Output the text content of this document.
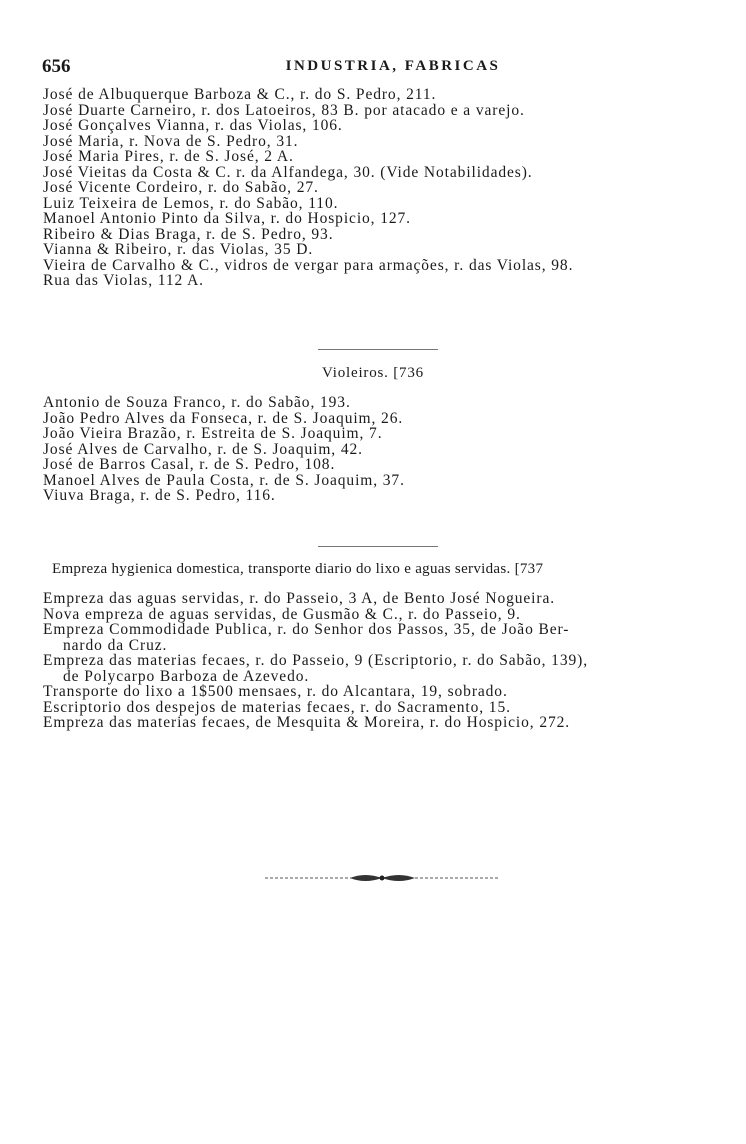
656	INDUSTRIA, FABRICAS
José de Albuquerque Barboza & C., r. do S. Pedro, 211.
José Duarte Carneiro, r. dos Latoeiros, 83 B. por atacado e a varejo.
José Gonçalves Vianna, r. das Violas, 106.
José Maria, r. Nova de S. Pedro, 31.
José Maria Pires, r. de S. José, 2 A.
José Vieitas da Costa & C. r. da Alfandega, 30. (Vide Notabilidades).
José Vicente Cordeiro, r. do Sabão, 27.
Luiz Teixeira de Lemos, r. do Sabão, 110.
Manoel Antonio Pinto da Silva, r. do Hospicio, 127.
Ribeiro & Dias Braga, r. de S. Pedro, 93.
Vianna & Ribeiro, r. das Violas, 35 D.
Vieira de Carvalho & C., vidros de vergar para armações, r. das Violas, 98.
Rua das Violas, 112 A.
Violeiros. [736
Antonio de Souza Franco, r. do Sabão, 193.
João Pedro Alves da Fonseca, r. de S. Joaquim, 26.
João Vieira Brazão, r. Estreita de S. Joaquim, 7.
José Alves de Carvalho, r. de S. Joaquim, 42.
José de Barros Casal, r. de S. Pedro, 108.
Manoel Alves de Paula Costa, r. de S. Joaquim, 37.
Viuva Braga, r. de S. Pedro, 116.
Empreza hygienica domestica, transporte diario do lixo e aguas servidas. [737
Empreza das aguas servidas, r. do Passeio, 3 A, de Bento José Nogueira.
Nova empreza de aguas servidas, de Gusmão & C., r. do Passeio, 9.
Empreza Commodidade Publica, r. do Senhor dos Passos, 35, de João Ber-
nardo da Cruz.
Empreza das materias fecaes, r. do Passeio, 9 (Escriptorio, r. do Sabão, 139),
de Polycarpo Barboza de Azevedo.
Transporte do lixo a 1$500 mensaes, r. do Alcantara, 19, sobrado.
Escriptorio dos despejos de materias fecaes, r. do Sacramento, 15.
Empreza das materias fecaes, de Mesquita & Moreira, r. do Hospicio, 272.
